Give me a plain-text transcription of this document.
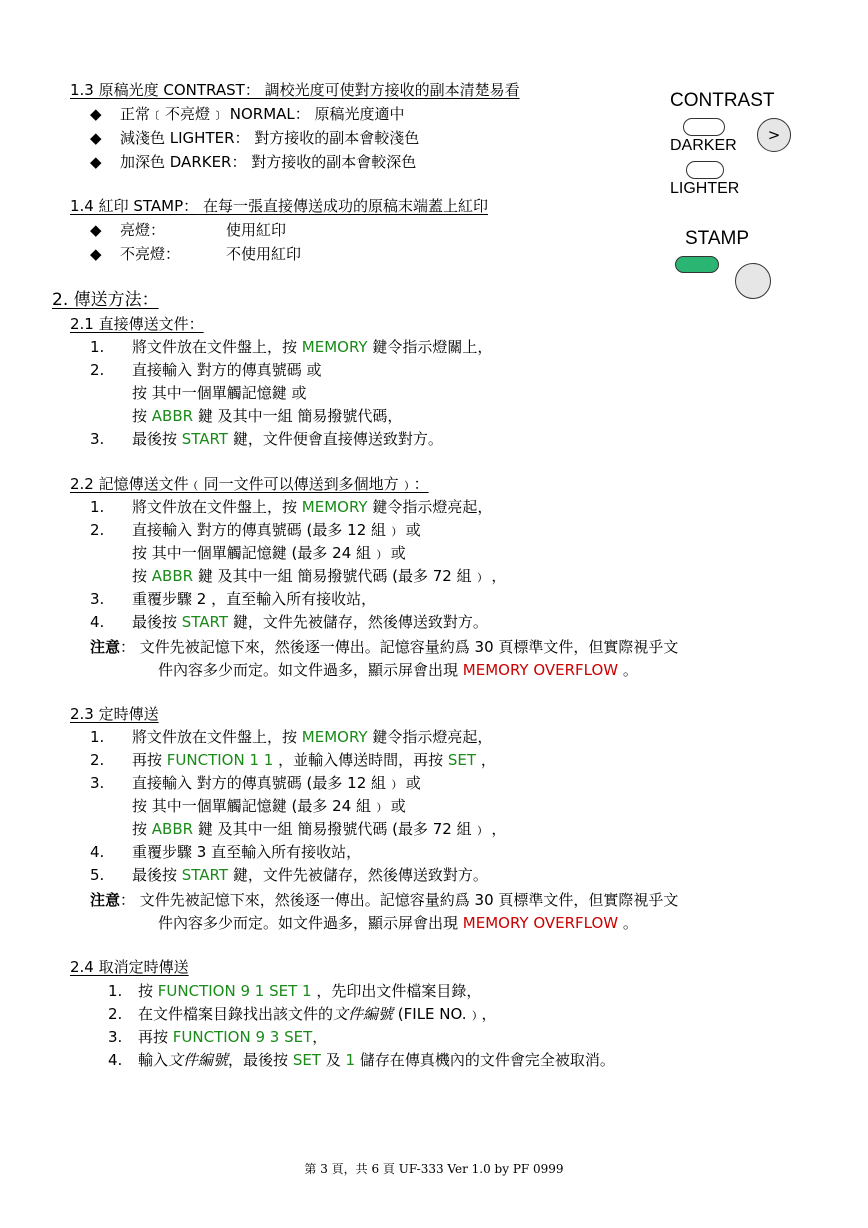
1.3 原稿光度 CONTRAST： 調校光度可使對方接收的副本清楚易看
◆ 正常﹝不亮燈﹞ NORMAL： 原稿光度適中
◆ 減淺色 LIGHTER： 對方接收的副本會較淺色
◆ 加深色 DARKER： 對方接收的副本會較深色
1.4 紅印 STAMP： 在每一張直接傳送成功的原稿末端蓋上紅印
◆ 亮燈：	使用紅印
◆ 不亮燈：	不使用紅印
CONTRAST
>
DARKER
LIGHTER
STAMP
2. 傳送方法：
2.1 直接傳送文件：
1. 將文件放在文件盤上，按 MEMORY 鍵令指示燈關上，
2. 直接輸入 對方的傳真號碼 或
按 其中一個單觸記憶鍵 或
按 ABBR 鍵 及其中一組 簡易撥號代碼，
3. 最後按 START 鍵，文件便會直接傳送致對方。
2.2 記憶傳送文件﹙同一文件可以傳送到多個地方﹚：
1. 將文件放在文件盤上，按 MEMORY 鍵令指示燈亮起，
2. 直接輸入 對方的傳真號碼 (最多 12 組﹚ 或
按 其中一個單觸記憶鍵 (最多 24 組﹚ 或
按 ABBR 鍵 及其中一組 簡易撥號代碼 (最多 72 組﹚ ，
3. 重覆步驟 2 ，直至輸入所有接收站，
4. 最後按 START 鍵，文件先被儲存，然後傳送致對方。
注意： 文件先被記憶下來，然後逐一傳出。記憶容量約爲 30 頁標準文件，但實際視乎文
件內容多少而定。如文件過多，顯示屏會出現 MEMORY OVERFLOW 。
2.3 定時傳送
1. 將文件放在文件盤上，按 MEMORY 鍵令指示燈亮起，
2. 再按 FUNCTION 1 1 ，並輸入傳送時間，再按 SET ，
3. 直接輸入 對方的傳真號碼 (最多 12 組﹚ 或
按 其中一個單觸記憶鍵 (最多 24 組﹚ 或
按 ABBR 鍵 及其中一組 簡易撥號代碼 (最多 72 組﹚ ，
4. 重覆步驟 3 直至輸入所有接收站，
5. 最後按 START 鍵，文件先被儲存，然後傳送致對方。
注意： 文件先被記憶下來，然後逐一傳出。記憶容量約爲 30 頁標準文件，但實際視乎文
件內容多少而定。如文件過多，顯示屏會出現 MEMORY OVERFLOW 。
2.4 取消定時傳送
1. 按 FUNCTION 9 1 SET 1 ，先印出文件檔案目錄，
2. 在文件檔案目錄找出該文件的文件編號 (FILE NO.﹚，
3. 再按 FUNCTION 9 3 SET，
4. 輸入文件編號，最後按 SET 及 1 儲存在傳真機內的文件會完全被取消。
第 3 頁，共 6 頁 UF-333 Ver 1.0 by PF 0999
